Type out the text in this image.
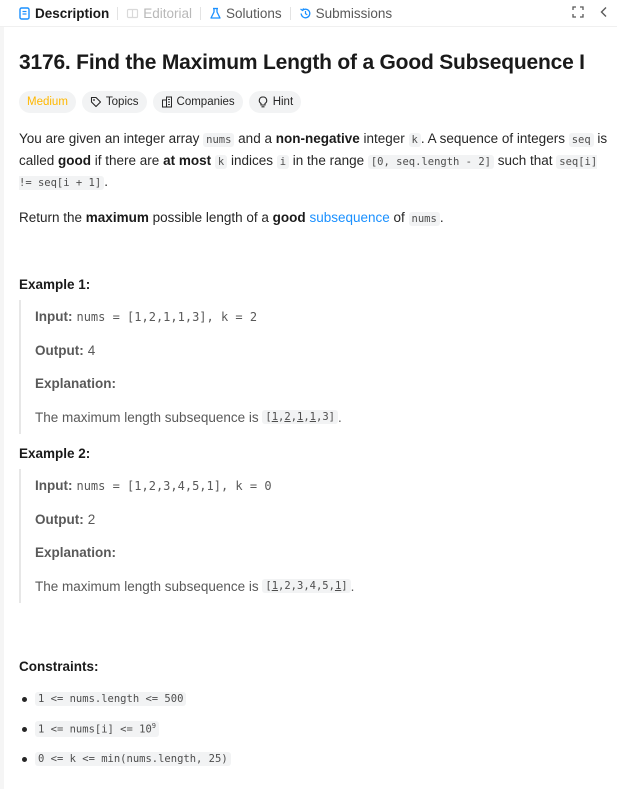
Description	Editorial	Solutions	Submissions
3176. Find the Maximum Length of a Good Subsequence I
Medium	Topics	Companies	Hint

You are given an integer array nums and a non-negative integer k . A sequence of integers seq is called good if there are at most k indices i in the range [0, seq.length - 2] such that seq[i] != seq[i + 1] .

Return the maximum possible length of a good subsequence of nums .

Example 1:
Input: nums = [1,2,1,1,3], k = 2
Output: 4
Explanation:
The maximum length subsequence is [1,2,1,1,3] .
Example 2:
Input: nums = [1,2,3,4,5,1], k = 0
Output: 2
Explanation:
The maximum length subsequence is [1,2,3,4,5,1] .
Constraints:
1 <= nums.length <= 500
1 <= nums[i] <= $10^9$
0 <= k <= min(nums.length, 25)
